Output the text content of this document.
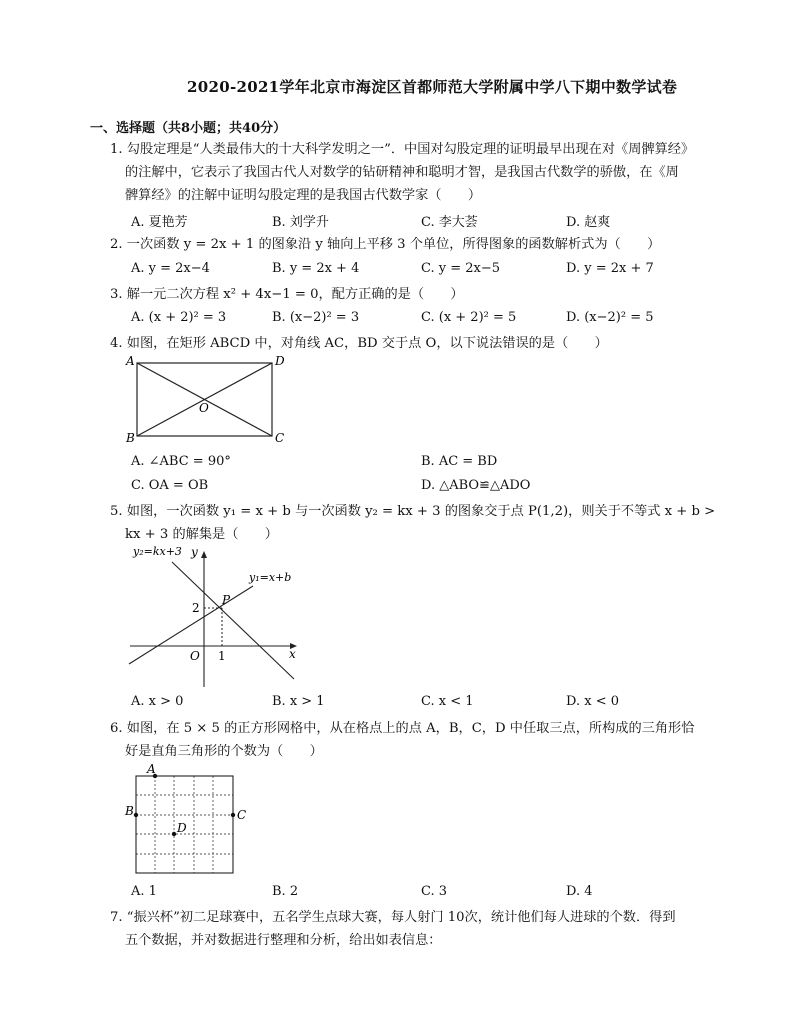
2020-2021学年北京市海淀区首都师范大学附属中学八下期中数学试卷
一、选择题（共8小题；共40分）
1. 勾股定理是“人类最伟大的十大科学发明之一”．中国对勾股定理的证明最早出现在对《周髀算经》
的注解中，它表示了我国古代人对数学的钻研精神和聪明才智，是我国古代数学的骄傲，在《周
髀算经》的注解中证明勾股定理的是我国古代数学家（　　）
A. 夏艳芳	B. 刘学升	C. 李大荟	D. 赵爽
2. 一次函数 y = 2x + 1 的图象沿 y 轴向上平移 3 个单位，所得图象的函数解析式为（　　）
A. y = 2x−4	B. y = 2x + 4	C. y = 2x−5	D. y = 2x + 7
3. 解一元二次方程 x² + 4x−1 = 0，配方正确的是（　　）
A. (x + 2)² = 3	B. (x−2)² = 3	C. (x + 2)² = 5	D. (x−2)² = 5
4. 如图，在矩形 ABCD 中，对角线 AC，BD 交于点 O，以下说法错误的是（　　）
A	D
B	C
O
A. ∠ABC = 90°	B. AC = BD
C. OA = OB	D. △ABO≌△ADO
5. 如图，一次函数 y₁ = x + b 与一次函数 y₂ = kx + 3 的图象交于点 P(1,2)，则关于不等式 x + b >
kx + 3 的解集是（　　）
y₂=kx+3 y
y₁=x+b
P
2
O 1	x
A. x > 0	B. x > 1	C. x < 1	D. x < 0
6. 如图，在 5 × 5 的正方形网格中，从在格点上的点 A，B，C，D 中任取三点，所构成的三角形恰
好是直角三角形的个数为（　　）
A
B	C
D
A. 1	B. 2	C. 3	D. 4
7. “振兴杯”初二足球赛中，五名学生点球大赛，每人射门 10次，统计他们每人进球的个数．得到
五个数据，并对数据进行整理和分析，给出如表信息：
